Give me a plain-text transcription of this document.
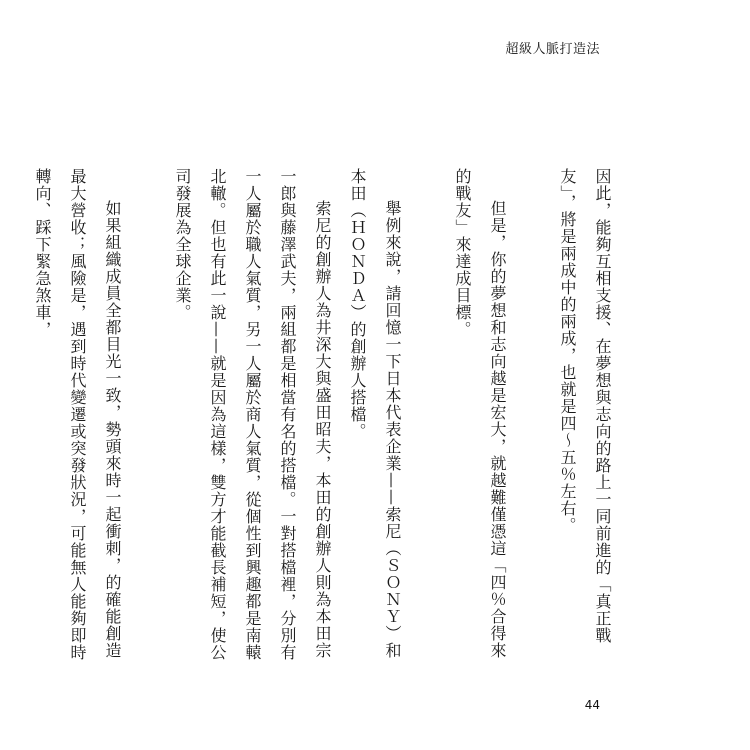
超級人脈打造法

因此，能夠互相支援、在夢想與志向的路上一同前進的「真正戰友」，將是兩成中的兩成，也就是四～五％左右。

但是，你的夢想和志向越是宏大，就越難僅憑這「四％合得來的戰友」來達成目標。

舉例來說，請回憶一下日本代表企業——索尼（ＳＯＮＹ）和本田（ＨＯＮＤＡ）的創辦人搭檔。

索尼的創辦人為井深大與盛田昭夫，本田的創辦人則為本田宗一郎與藤澤武夫，兩組都是相當有名的搭檔。一對搭檔裡，分別有一人屬於職人氣質，另一人屬於商人氣質，從個性到興趣都是南轅北轍。但也有此一說——就是因為這樣，雙方才能截長補短，使公司發展為全球企業。

如果組織成員全都目光一致，勢頭來時一起衝刺，的確能創造最大營收；風險是，遇到時代變遷或突發狀況，可能無人能夠即時轉向、踩下緊急煞車，

44
